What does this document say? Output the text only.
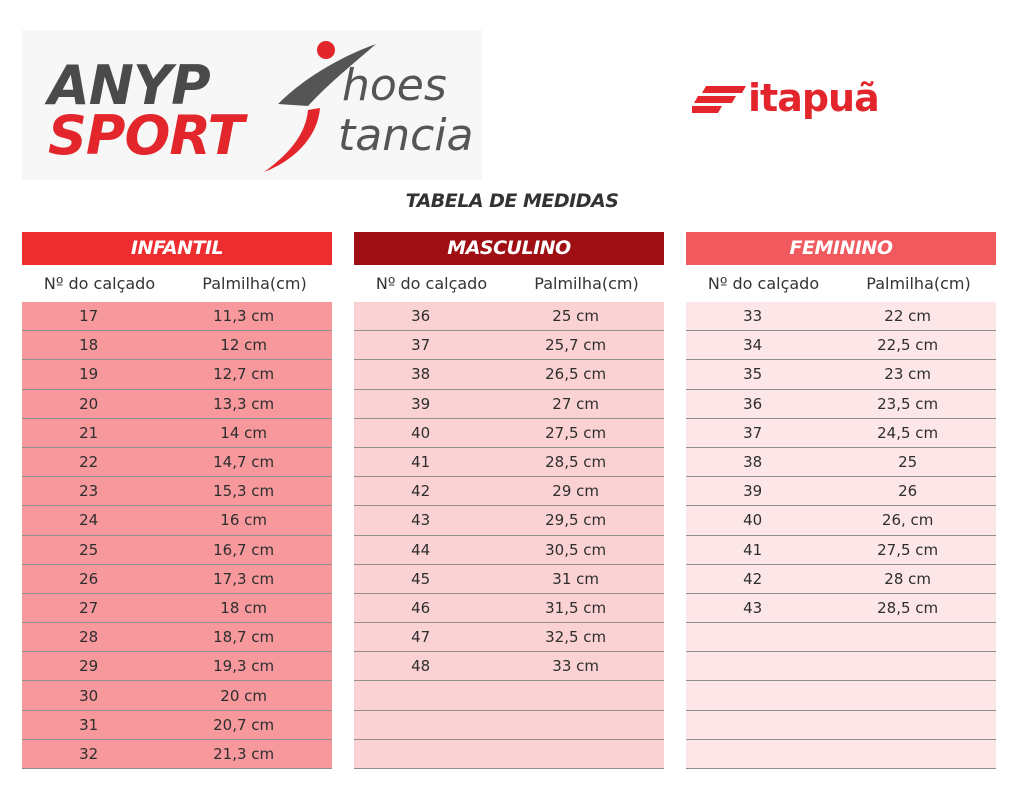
ANYP
SPORT
hoes
tancia
itapuã
TABELA DE MEDIDAS
INFANTIL
Nº do calçado	Palmilha(cm)
17	11,3 cm
18	12 cm
19	12,7 cm
20	13,3 cm
21	14 cm
22	14,7 cm
23	15,3 cm
24	16 cm
25	16,7 cm
26	17,3 cm
27	18 cm
28	18,7 cm
29	19,3 cm
30	20 cm
31	20,7 cm
32	21,3 cm
MASCULINO
Nº do calçado	Palmilha(cm)
36	25 cm
37	25,7 cm
38	26,5 cm
39	27 cm
40	27,5 cm
41	28,5 cm
42	29 cm
43	29,5 cm
44	30,5 cm
45	31 cm
46	31,5 cm
47	32,5 cm
48	33 cm
FEMININO
Nº do calçado	Palmilha(cm)
33	22 cm
34	22,5 cm
35	23 cm
36	23,5 cm
37	24,5 cm
38	25
39	26
40	26, cm
41	27,5 cm
42	28 cm
43	28,5 cm
